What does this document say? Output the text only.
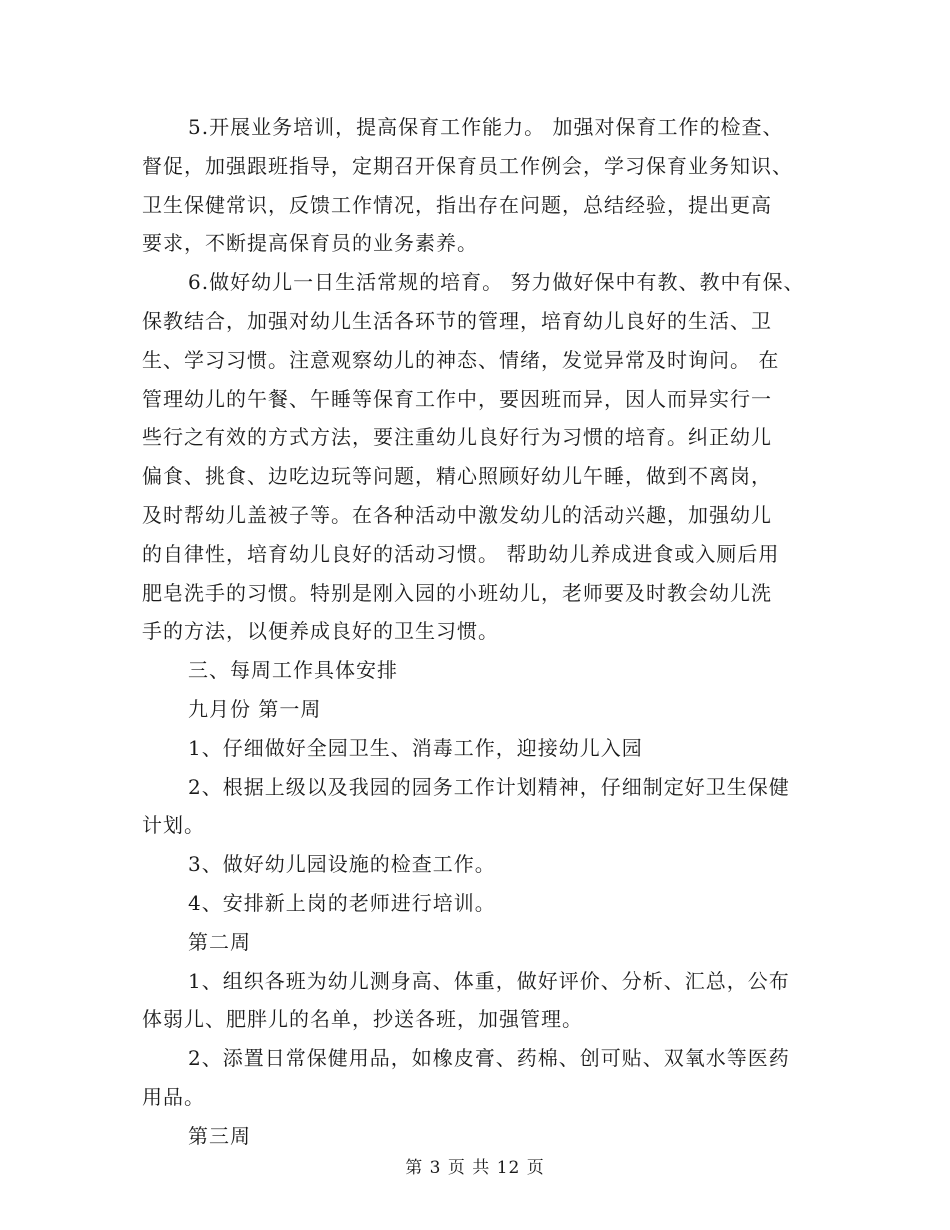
5.开展业务培训，提高保育工作能力。 加强对保育工作的检查、

督促，加强跟班指导，定期召开保育员工作例会，学习保育业务知识、

卫生保健常识，反馈工作情况，指出存在问题，总结经验，提出更高

要求，不断提高保育员的业务素养。

6.做好幼儿一日生活常规的培育。 努力做好保中有教、教中有保、

保教结合，加强对幼儿生活各环节的管理，培育幼儿良好的生活、卫

生、学习习惯。注意观察幼儿的神态、情绪，发觉异常及时询问。 在

管理幼儿的午餐、午睡等保育工作中，要因班而异，因人而异实行一

些行之有效的方式方法，要注重幼儿良好行为习惯的培育。纠正幼儿

偏食、挑食、边吃边玩等问题，精心照顾好幼儿午睡，做到不离岗，

及时帮幼儿盖被子等。在各种活动中激发幼儿的活动兴趣，加强幼儿

的自律性，培育幼儿良好的活动习惯。 帮助幼儿养成进食或入厕后用

肥皂洗手的习惯。特别是刚入园的小班幼儿，老师要及时教会幼儿洗

手的方法，以便养成良好的卫生习惯。

三、每周工作具体安排

九月份 第一周

1、仔细做好全园卫生、消毒工作，迎接幼儿入园

2、根据上级以及我园的园务工作计划精神，仔细制定好卫生保健

计划。

3、做好幼儿园设施的检查工作。

4、安排新上岗的老师进行培训。

第二周

1、组织各班为幼儿测身高、体重，做好评价、分析、汇总，公布

体弱儿、肥胖儿的名单，抄送各班，加强管理。

2、添置日常保健用品，如橡皮膏、药棉、创可贴、双氧水等医药

用品。

第三周

第 3 页 共 12 页
